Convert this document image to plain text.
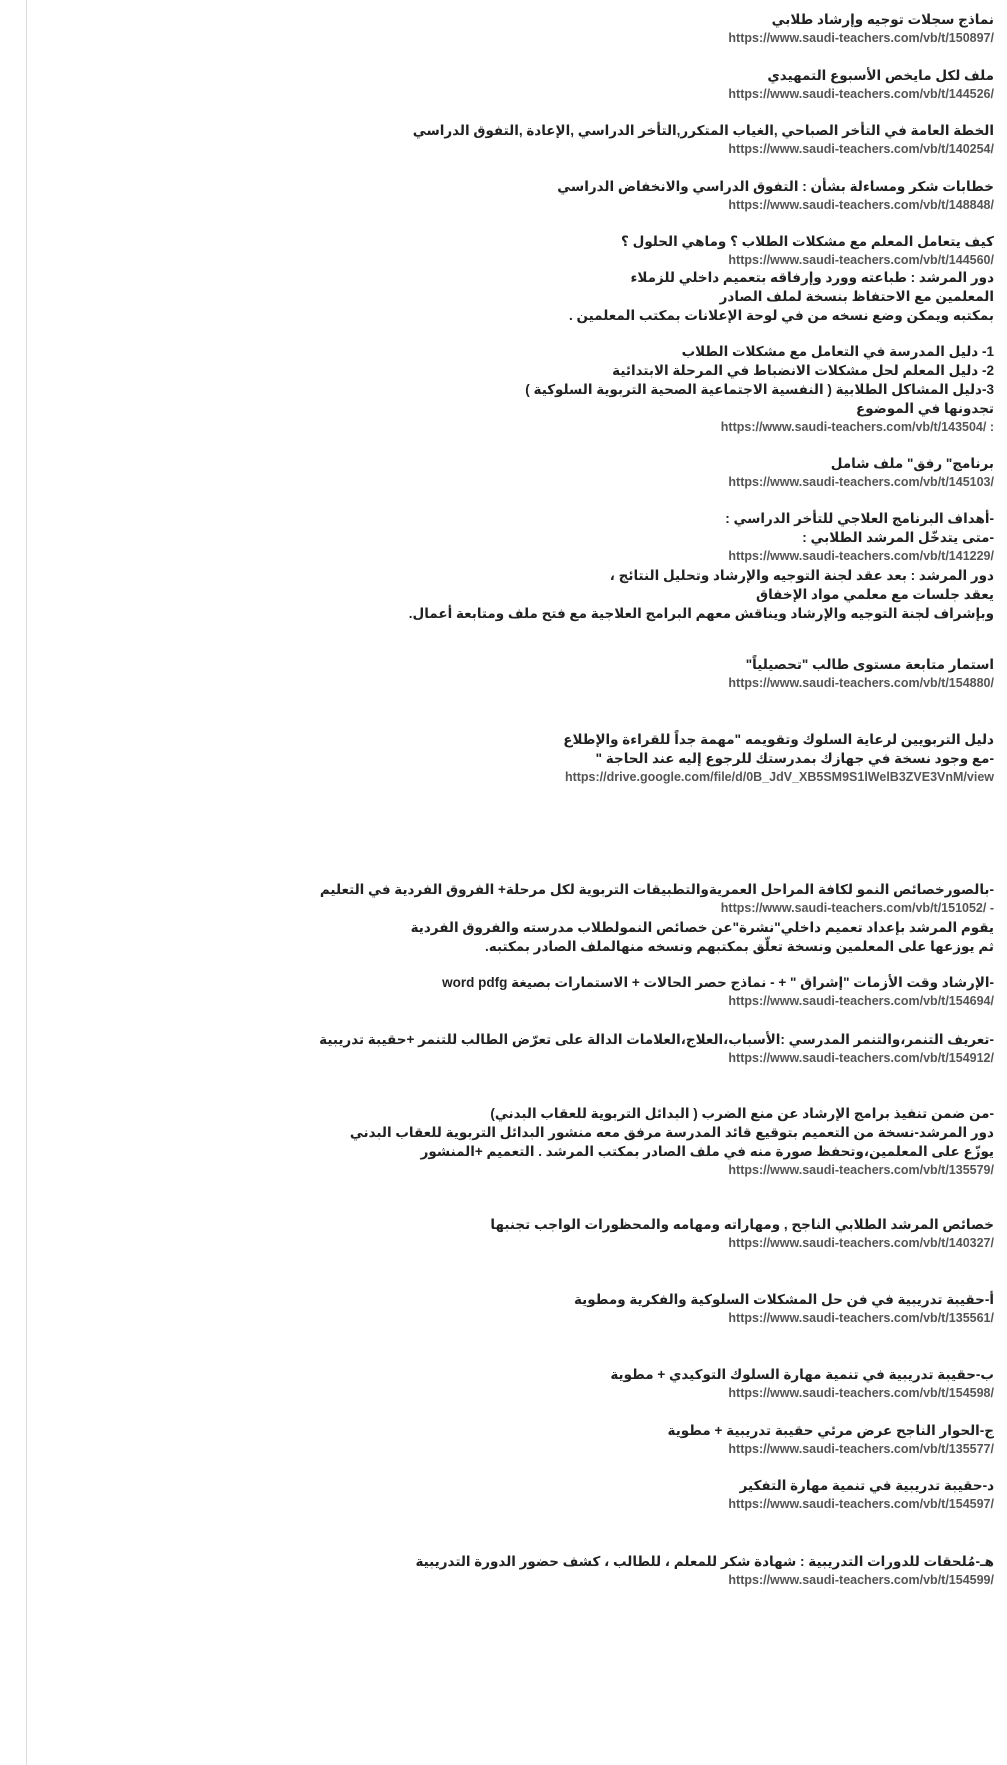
نماذج سجلات توجيه وإرشاد طلابي
https://www.saudi-teachers.com/vb/t/150897/
ملف لكل مايخص الأسبوع التمهيدي
https://www.saudi-teachers.com/vb/t/144526/
الخطة العامة في التأخر الصباحي ,الغياب المتكرر,التأخر الدراسي ,الإعادة ,التفوق الدراسي
https://www.saudi-teachers.com/vb/t/140254/
خطابات شكر ومساءلة بشأن : التفوق الدراسي والانخفاض الدراسي
https://www.saudi-teachers.com/vb/t/148848/
كيف يتعامل المعلم مع مشكلات الطلاب ؟ وماهي الحلول ؟
https://www.saudi-teachers.com/vb/t/144560/
دور المرشد : طباعته وورد وإرفاقه بتعميم داخلي للزملاء
المعلمين مع الاحتفاظ بنسخة لملف الصادر
بمكتبه ويمكن وضع نسخه من في لوحة الإعلانات بمكتب المعلمين .
1- دليل المدرسة في التعامل مع مشكلات الطلاب
2- دليل المعلم لحل مشكلات الانضباط في المرحلة الابتدائية
3-دليل المشاكل الطلابية ( النفسية الاجتماعية الصحية التربوية السلوكية )
تجدونها في الموضوع
https://www.saudi-teachers.com/vb/t/143504/ :
برنامج" رفق" ملف شامل
https://www.saudi-teachers.com/vb/t/145103/
-أهداف البرنامج العلاجي للتأخر الدراسي :
-متى يتدخّل المرشد الطلابي :
https://www.saudi-teachers.com/vb/t/141229/
دور المرشد : بعد عقد لجنة التوجيه والإرشاد وتحليل النتائج ،
يعقد جلسات مع معلمي مواد الإخفاق
وبإشراف لجنة التوجيه والإرشاد ويناقش معهم البرامج العلاجية مع فتح ملف ومتابعة أعمال.
استمار متابعة مستوى طالب "تحصيلياً"
https://www.saudi-teachers.com/vb/t/154880/
دليل التربويين لرعاية السلوك وتقويمه "مهمة جداً للقراءة والإطلاع
-مع وجود نسخة في جهازك بمدرستك للرجوع إليه عند الحاجة "
https://drive.google.com/file/d/0B_JdV_XB5SM9S1lWelB3ZVE3VnM/view
-بالصورخصائص النمو لكافة المراحل العمريةوالتطبيقات التربوية لكل مرحلة+ الفروق الفردية في التعليم
https://www.saudi-teachers.com/vb/t/151052/ -
يقوم المرشد بإعداد تعميم داخلي"نشرة"عن خصائص النمولطلاب مدرسته والفروق الفردية
ثم يوزعها على المعلمين ونسخة تعلّق بمكتبهم ونسخه منهالملف الصادر بمكتبه.
-الإرشاد وقت الأزمات "إشراق " + - نماذج حصر الحالات + الاستمارات بصيغة word pdfg
https://www.saudi-teachers.com/vb/t/154694/
-تعريف التنمر،والتنمر المدرسي :الأسباب،العلاج،العلامات الدالة على تعرّض الطالب للتنمر +حقيبة تدريبية
https://www.saudi-teachers.com/vb/t/154912/
-من ضمن تنفيذ برامج الإرشاد عن منع الضرب ( البدائل التربوية للعقاب البدني)
دور المرشد-نسخة من التعميم بتوقيع قائد المدرسة مرفق معه منشور البدائل التربوية للعقاب البدني
يوزّع على المعلمين،وتحفظ صورة منه في ملف الصادر بمكتب المرشد . التعميم +المنشور
https://www.saudi-teachers.com/vb/t/135579/
خصائص المرشد الطلابي الناجح , ومهاراته ومهامه والمحظورات الواجب تجنبها
https://www.saudi-teachers.com/vb/t/140327/
أ-حقيبة تدريبية في فن حل المشكلات السلوكية والفكرية ومطوية
https://www.saudi-teachers.com/vb/t/135561/
ب-حقيبة تدريبية في تنمية مهارة السلوك التوكيدي + مطوية
https://www.saudi-teachers.com/vb/t/154598/
ج-الحوار الناجح عرض مرئي حقيبة تدريبية + مطوية
https://www.saudi-teachers.com/vb/t/135577/
د-حقيبة تدريبية في تنمية مهارة التفكير
https://www.saudi-teachers.com/vb/t/154597/
هـ-مُلحقات للدورات التدريبية : شهادة شكر للمعلم ، للطالب ، كشف حضور الدورة التدريبية
https://www.saudi-teachers.com/vb/t/154599/
